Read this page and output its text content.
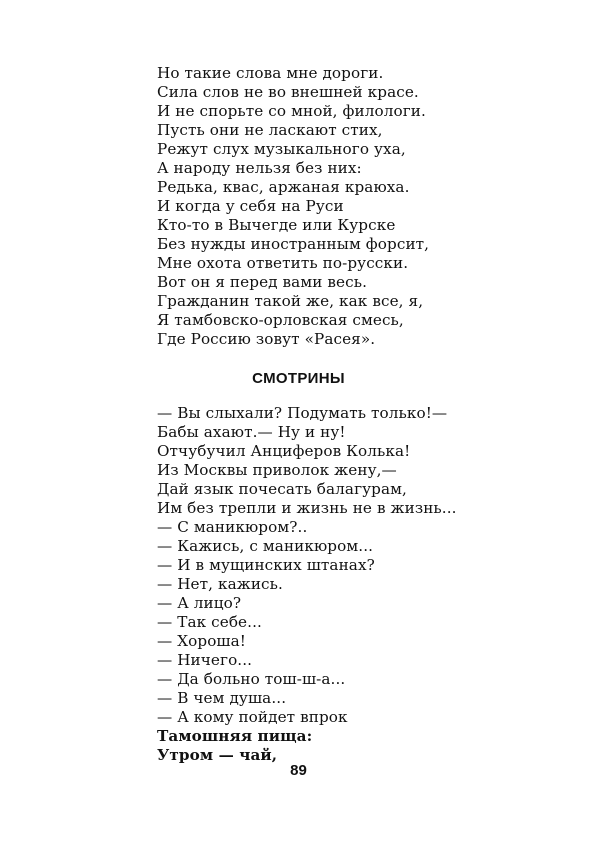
Но такие слова мне дороги.
Сила слов не во внешней красе.
И не спорьте со мной, филологи.
Пусть они не ласкают стих,
Режут слух музыкального уха,
А народу нельзя без них:
Редька, квас, аржаная краюха.
И когда у себя на Руси
Кто-то в Вычегде или Курске
Без нужды иностранным форсит,
Мне охота ответить по-русски.
Вот он я перед вами весь.
Гражданин такой же, как все, я,
Я тамбовско-орловская смесь,
Где Россию зовут «Расея».
СМОТРИНЫ
— Вы слыхали? Подумать только!—
Бабы ахают.— Ну и ну!
Отчубучил Анциферов Колька!
Из Москвы приволок жену,—
Дай язык почесать балагурам,
Им без трепли и жизнь не в жизнь...
— С маникюром?..
— Кажись, с маникюром...
— И в мущинских штанах?
— Нет, кажись.
— А лицо?
— Так себе...
— Хороша!
— Ничего...
— Да больно тош-ш-а...
— В чем душа...
— А кому пойдет впрок
Тамошняя пища:
Утром — чай,
89
